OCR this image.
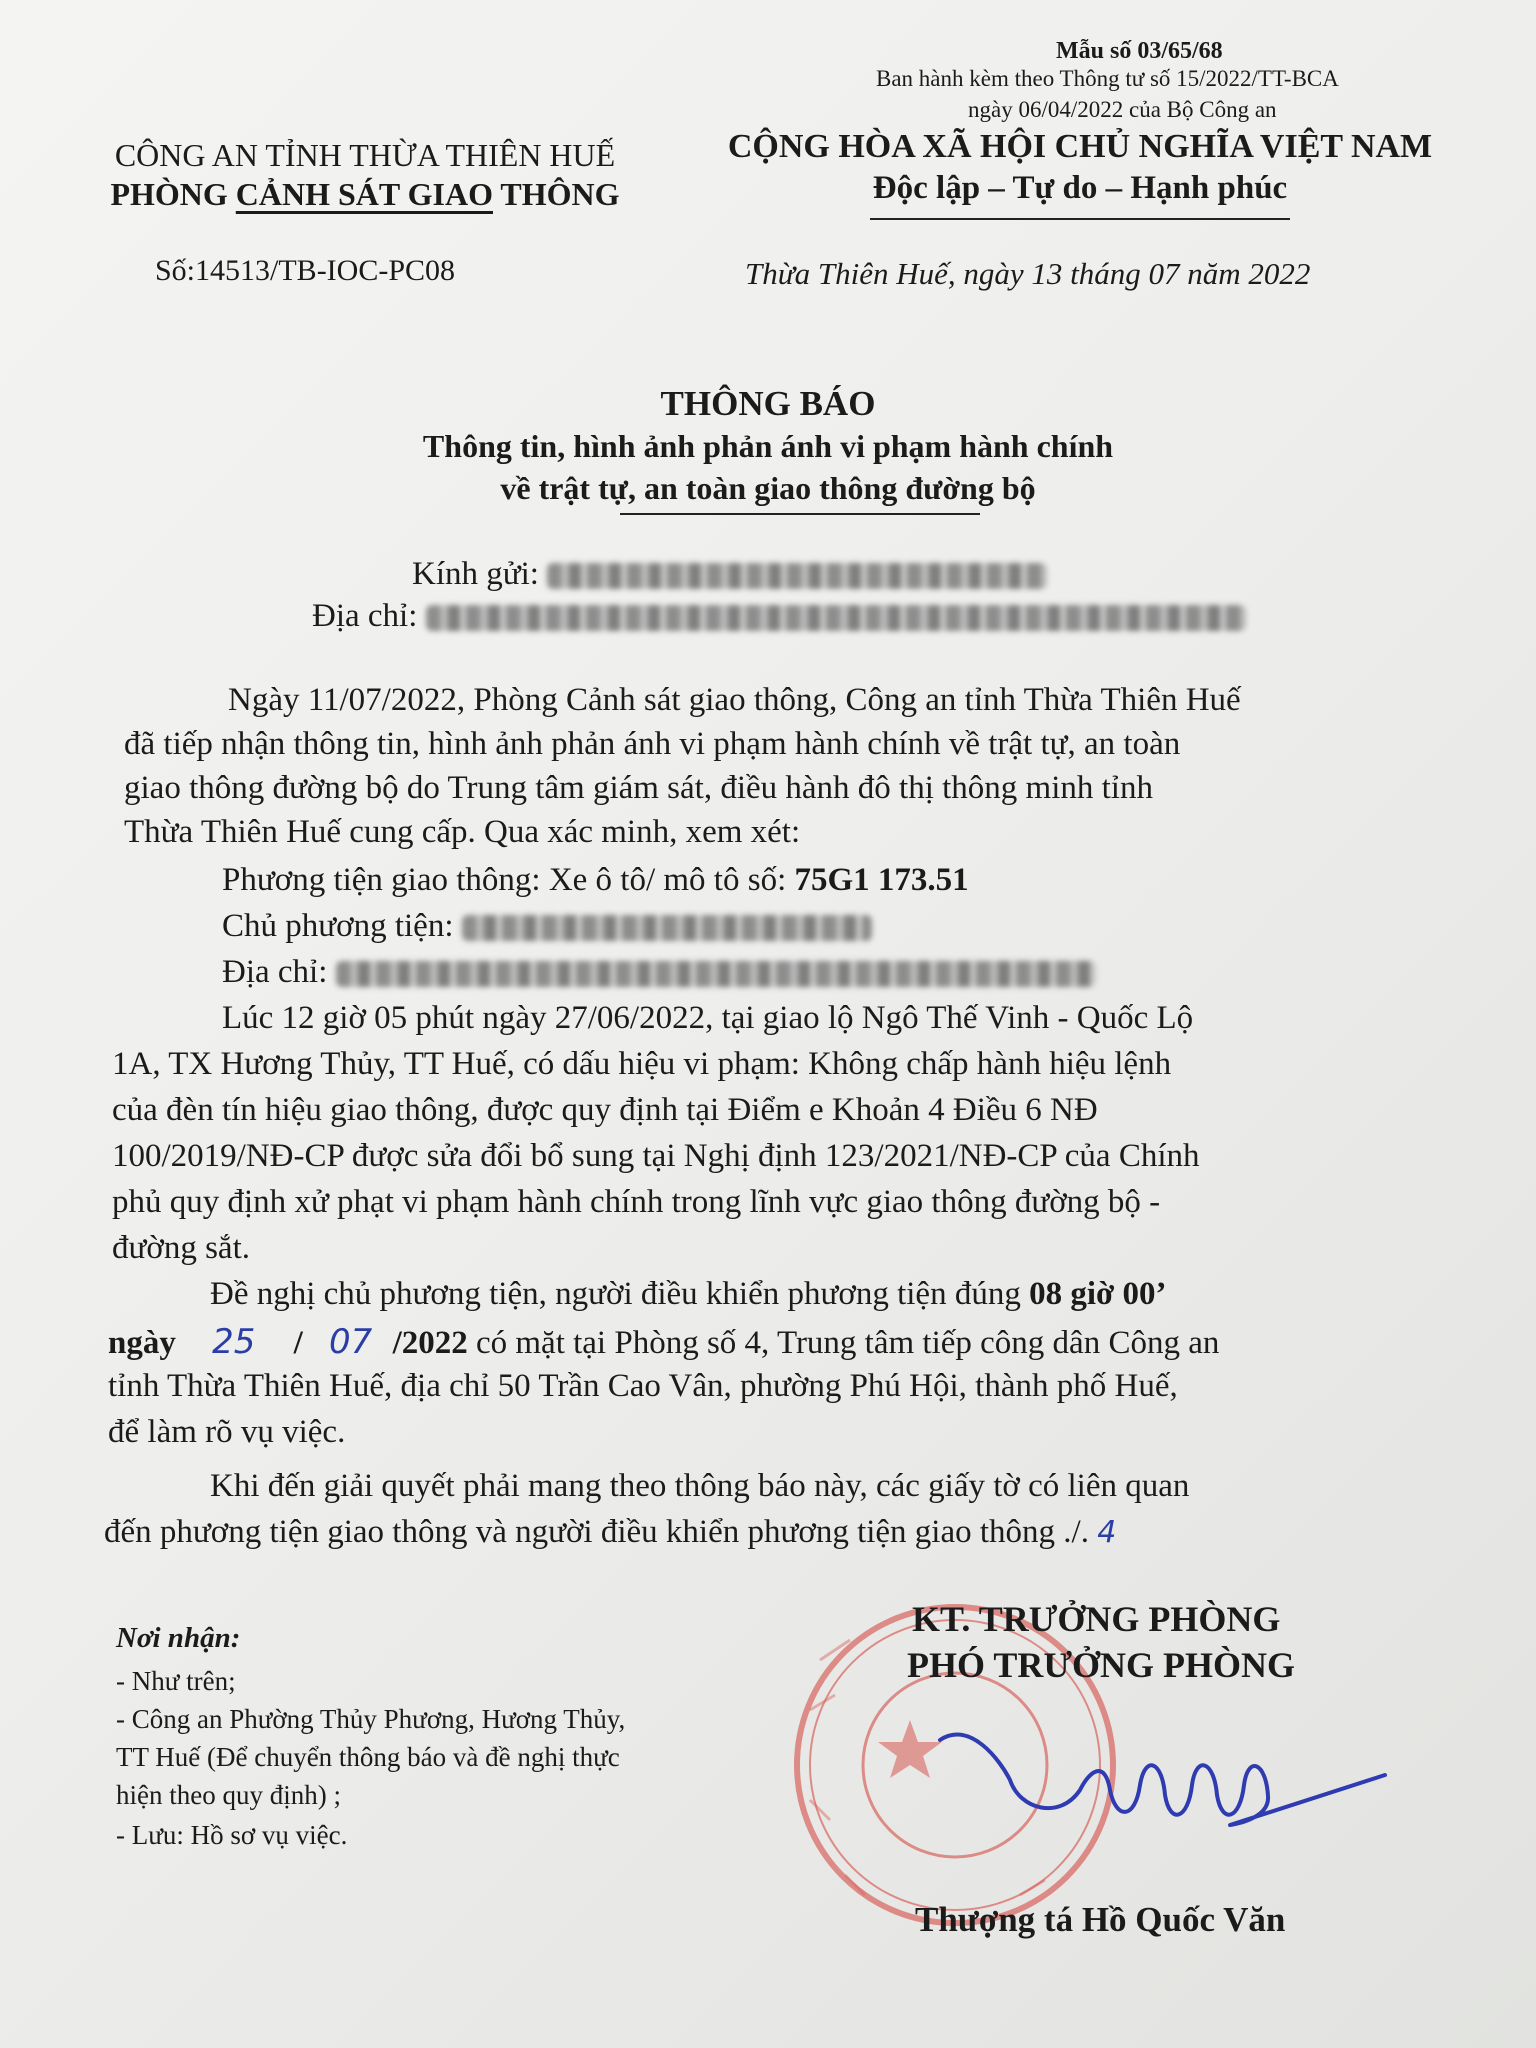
Mẫu số 03/65/68
Ban hành kèm theo Thông tư số 15/2022/TT-BCA
ngày 06/04/2022 của Bộ Công an
CÔNG AN TỈNH THỪA THIÊN HUẾ
PHÒNG CẢNH SÁT GIAO THÔNG
CỘNG HÒA XÃ HỘI CHỦ NGHĨA VIỆT NAM
Độc lập – Tự do – Hạnh phúc
Số:14513/TB-IOC-PC08	Thừa Thiên Huế, ngày 13 tháng 07 năm 2022
THÔNG BÁO
Thông tin, hình ảnh phản ánh vi phạm hành chính
về trật tự, an toàn giao thông đường bộ
Kính gửi:
Địa chỉ:
Ngày 11/07/2022, Phòng Cảnh sát giao thông, Công an tỉnh Thừa Thiên Huế
đã tiếp nhận thông tin, hình ảnh phản ánh vi phạm hành chính về trật tự, an toàn
giao thông đường bộ do Trung tâm giám sát, điều hành đô thị thông minh tỉnh
Thừa Thiên Huế cung cấp. Qua xác minh, xem xét:
Phương tiện giao thông: Xe ô tô/ mô tô số: 75G1 173.51
Chủ phương tiện:
Địa chỉ:
Lúc 12 giờ 05 phút ngày 27/06/2022, tại giao lộ Ngô Thế Vinh - Quốc Lộ
1A, TX Hương Thủy, TT Huế, có dấu hiệu vi phạm: Không chấp hành hiệu lệnh
của đèn tín hiệu giao thông, được quy định tại Điểm e Khoản 4 Điều 6 NĐ
100/2019/NĐ-CP được sửa đổi bổ sung tại Nghị định 123/2021/NĐ-CP của Chính
phủ quy định xử phạt vi phạm hành chính trong lĩnh vực giao thông đường bộ -
đường sắt.
Đề nghị chủ phương tiện, người điều khiển phương tiện đúng 08 giờ 00’
ngày 25 / 07 /2022 có mặt tại Phòng số 4, Trung tâm tiếp công dân Công an
tỉnh Thừa Thiên Huế, địa chỉ 50 Trần Cao Vân, phường Phú Hội, thành phố Huế,
để làm rõ vụ việc.
Khi đến giải quyết phải mang theo thông báo này, các giấy tờ có liên quan
đến phương tiện giao thông và người điều khiển phương tiện giao thông ./. 4
Nơi nhận:
- Như trên;
- Công an Phường Thủy Phương, Hương Thủy,
TT Huế (Để chuyển thông báo và đề nghị thực
hiện theo quy định) ;
- Lưu: Hồ sơ vụ việc.
KT. TRƯỞNG PHÒNG
PHÓ TRƯỞNG PHÒNG
Thượng tá Hồ Quốc Văn
